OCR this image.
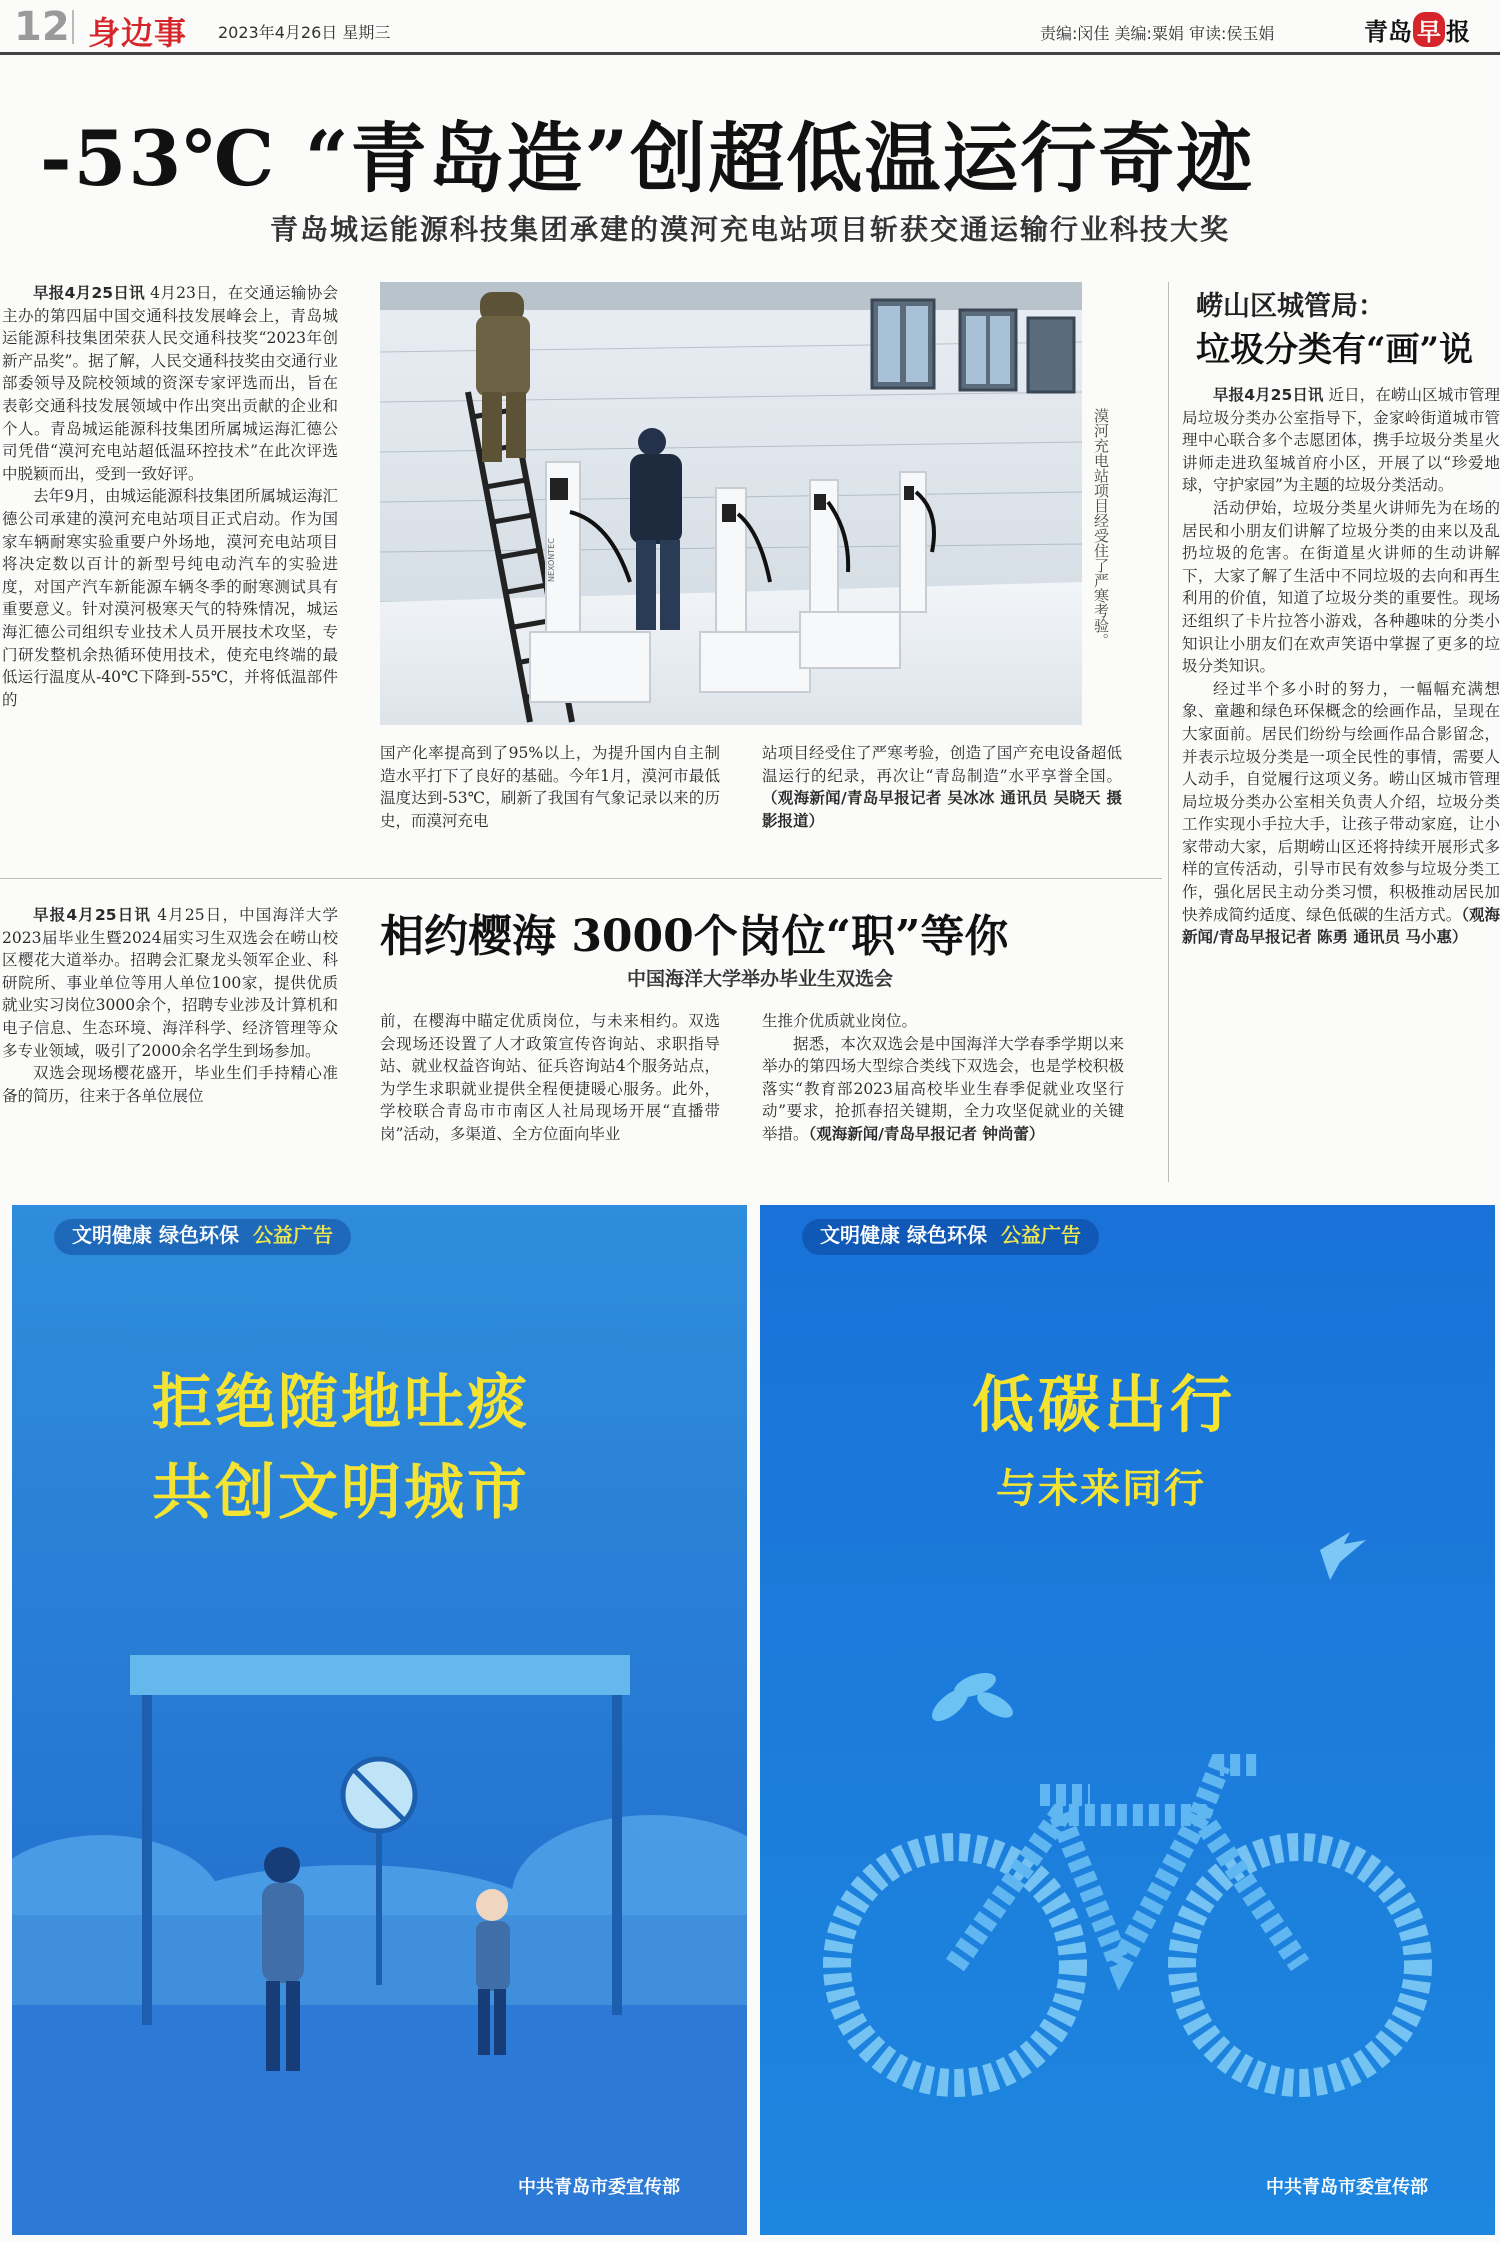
12 身边事 2023年4月26日 星期三	责编:闵佳 美编:粟娟 审读:侯玉娟	青岛 早 报
-53℃ “青岛造”创超低温运行奇迹
青岛城运能源科技集团承建的漠河充电站项目斩获交通运输行业科技大奖

早报4月25日讯 4月23日，在交通运输协会主办的第四届中国交通科技发展峰会上，青岛城运能源科技集团荣获人民交通科技奖“2023年创新产品奖”。据了解，人民交通科技奖由交通行业部委领导及院校领域的资深专家评选而出，旨在表彰交通科技发展领域中作出突出贡献的企业和个人。青岛城运能源科技集团所属城运海汇德公司凭借“漠河充电站超低温环控技术”在此次评选中脱颖而出，受到一致好评。

去年9月，由城运能源科技集团所属城运海汇德公司承建的漠河充电站项目正式启动。作为国家车辆耐寒实验重要户外场地，漠河充电站项目将决定数以百计的新型号纯电动汽车的实验进度，对国产汽车新能源车辆冬季的耐寒测试具有重要意义。针对漠河极寒天气的特殊情况，城运海汇德公司组织专业技术人员开展技术攻坚，专门研发整机余热循环使用技术，使充电终端的最低运行温度从-40℃下降到-55℃，并将低温部件的

NEXONTEC	漠河充电站项目经受住了严寒考验。
国产化率提高到了95%以上，为提升国内自主制造水平打下了良好的基础。今年1月，漠河市最低温度达到-53℃，刷新了我国有气象记录以来的历史，而漠河充电
站项目经受住了严寒考验，创造了国产充电设备超低温运行的纪录，再次让“青岛制造”水平享誉全国。 （观海新闻/青岛早报记者 吴冰冰 通讯员 吴晓天 摄影报道）
崂山区城管局：
垃圾分类有“画”说

早报4月25日讯 近日，在崂山区城市管理局垃圾分类办公室指导下，金家岭街道城市管理中心联合多个志愿团体，携手垃圾分类星火讲师走进玖玺城首府小区，开展了以“珍爱地球，守护家园”为主题的垃圾分类活动。

活动伊始，垃圾分类星火讲师先为在场的居民和小朋友们讲解了垃圾分类的由来以及乱扔垃圾的危害。在街道星火讲师的生动讲解下，大家了解了生活中不同垃圾的去向和再生利用的价值，知道了垃圾分类的重要性。现场还组织了卡片拉答小游戏，各种趣味的分类小知识让小朋友们在欢声笑语中掌握了更多的垃圾分类知识。

经过半个多小时的努力，一幅幅充满想象、童趣和绿色环保概念的绘画作品，呈现在大家面前。居民们纷纷与绘画作品合影留念，并表示垃圾分类是一项全民性的事情，需要人人动手，自觉履行这项义务。崂山区城市管理局垃圾分类办公室相关负责人介绍，垃圾分类工作实现小手拉大手，让孩子带动家庭，让小家带动大家，后期崂山区还将持续开展形式多样的宣传活动，引导市民有效参与垃圾分类工作，强化居民主动分类习惯，积极推动居民加快养成简约适度、绿色低碳的生活方式。（观海新闻/青岛早报记者 陈勇 通讯员 马小惠）

相约樱海 3000个岗位“职”等你
中国海洋大学举办毕业生双选会

早报4月25日讯 4月25日，中国海洋大学2023届毕业生暨2024届实习生双选会在崂山校区樱花大道举办。招聘会汇聚龙头领军企业、科研院所、事业单位等用人单位100家，提供优质就业实习岗位3000余个，招聘专业涉及计算机和电子信息、生态环境、海洋科学、经济管理等众多专业领域，吸引了2000余名学生到场参加。

双选会现场樱花盛开，毕业生们手持精心准备的简历，往来于各单位展位

前，在樱海中瞄定优质岗位，与未来相约。双选会现场还设置了人才政策宣传咨询站、求职指导站、就业权益咨询站、征兵咨询站4个服务站点，为学生求职就业提供全程便捷暖心服务。此外，学校联合青岛市市南区人社局现场开展“直播带岗”活动，多渠道、全方位面向毕业
生推介优质就业岗位。

据悉，本次双选会是中国海洋大学春季学期以来举办的第四场大型综合类线下双选会，也是学校积极落实“教育部2023届高校毕业生春季促就业攻坚行动”要求，抢抓春招关键期，全力攻坚促就业的关键举措。（观海新闻/青岛早报记者 钟尚蕾）

文明健康 绿色环保 公益广告
拒绝随地吐痰
共创文明城市
中共青岛市委宣传部
文明健康 绿色环保 公益广告
低碳出行
与未来同行
中共青岛市委宣传部
